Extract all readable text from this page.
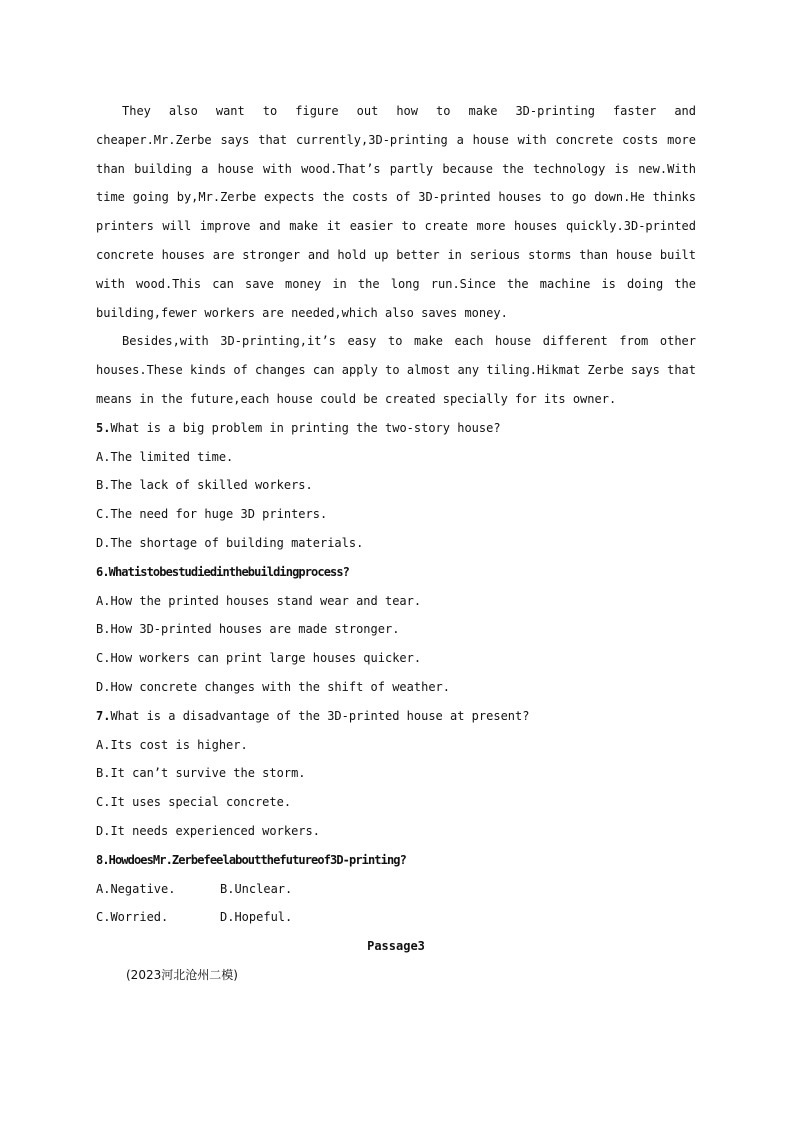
They also want to figure out how to make 3D-printing faster and cheaper.Mr.Zerbe says that currently,3D-printing a house with concrete costs more than building a house with wood.That’s partly because the technology is new.With time going by,Mr.Zerbe expects the costs of 3D-printed houses to go down.He thinks printers will improve and make it easier to create more houses quickly.3D-printed concrete houses are stronger and hold up better in serious storms than house built with wood.This can save money in the long run.Since the machine is doing the building,fewer workers are needed,which also saves money.

Besides,with 3D-printing,it’s easy to make each house different from other houses.These kinds of changes can apply to almost any tiling.Hikmat Zerbe says that means in the future,each house could be created specially for its owner.

5.What is a big problem in printing the two-story house?

A.The limited time.

B.The lack of skilled workers.

C.The need for huge 3D printers.

D.The shortage of building materials.

6.Whatistobestudiedinthebuildingprocess?

A.How the printed houses stand wear and tear.

B.How 3D-printed houses are made stronger.

C.How workers can print large houses quicker.

D.How concrete changes with the shift of weather.

7.What is a disadvantage of the 3D-printed house at present?

A.Its cost is higher.

B.It can’t survive the storm.

C.It uses special concrete.

D.It needs experienced workers.

8.HowdoesMr.Zerbefeelaboutthefutureof3D-printing?

A.Negative.	B.Unclear.
C.Worried.	D.Hopeful.

Passage3

(2023河北沧州二模)
